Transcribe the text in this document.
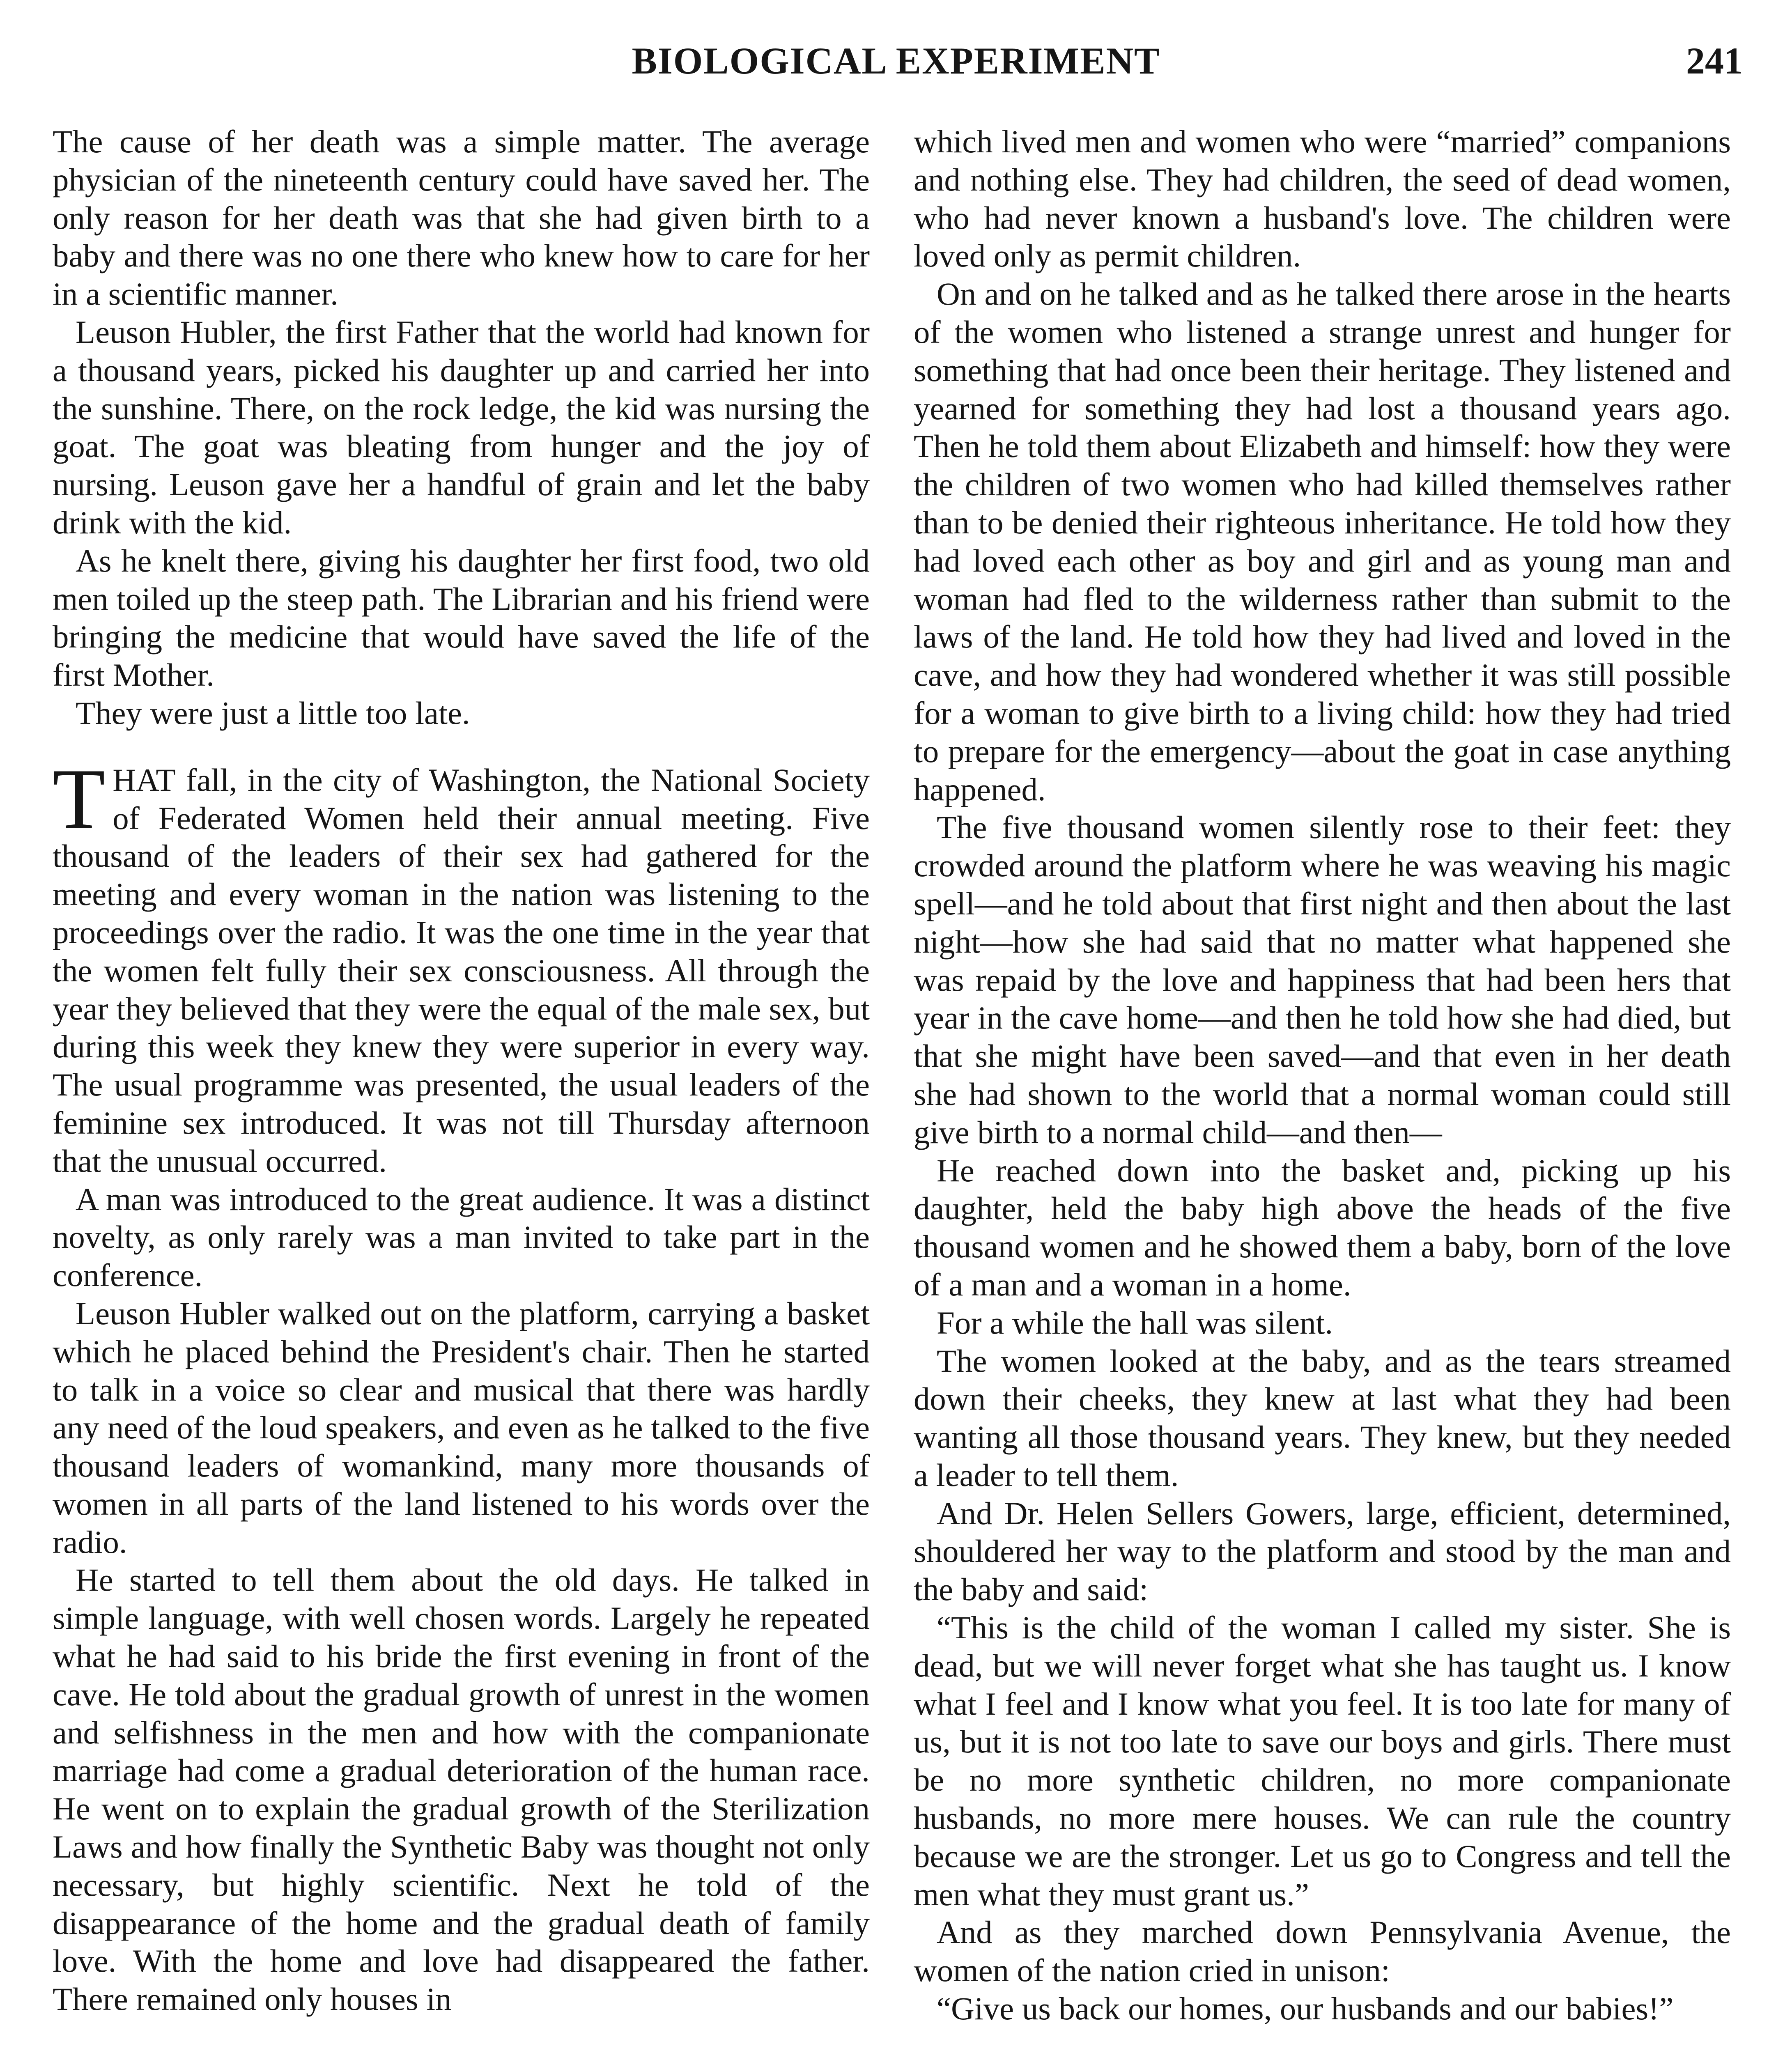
BIOLOGICAL EXPERIMENT	241

The cause of her death was a simple matter. The average physician of the nineteenth century could have saved her. The only reason for her death was that she had given birth to a baby and there was no one there who knew how to care for her in a scientific manner.

Leuson Hubler, the first Father that the world had known for a thousand years, picked his daughter up and carried her into the sunshine. There, on the rock ledge, the kid was nursing the goat. The goat was bleating from hunger and the joy of nursing. Leuson gave her a handful of grain and let the baby drink with the kid.

As he knelt there, giving his daughter her first food, two old men toiled up the steep path. The Librarian and his friend were bringing the medicine that would have saved the life of the first Mother.

They were just a little too late.

THAT fall, in the city of Washington, the National Society of Federated Women held their annual meeting. Five thousand of the leaders of their sex had gathered for the meeting and every woman in the nation was listening to the proceedings over the radio. It was the one time in the year that the women felt fully their sex consciousness. All through the year they believed that they were the equal of the male sex, but during this week they knew they were superior in every way. The usual programme was presented, the usual leaders of the feminine sex introduced. It was not till Thursday afternoon that the unusual occurred.

A man was introduced to the great audience. It was a distinct novelty, as only rarely was a man invited to take part in the conference.

Leuson Hubler walked out on the platform, carrying a basket which he placed behind the President's chair. Then he started to talk in a voice so clear and musical that there was hardly any need of the loud speakers, and even as he talked to the five thousand leaders of womankind, many more thousands of women in all parts of the land listened to his words over the radio.

He started to tell them about the old days. He talked in simple language, with well chosen words. Largely he repeated what he had said to his bride the first evening in front of the cave. He told about the gradual growth of unrest in the women and selfishness in the men and how with the companionate marriage had come a gradual deterioration of the human race. He went on to explain the gradual growth of the Sterilization Laws and how finally the Synthetic Baby was thought not only necessary, but highly scientific. Next he told of the disappearance of the home and the gradual death of family love. With the home and love had disappeared the father. There remained only houses in

which lived men and women who were “married” companions and nothing else. They had children, the seed of dead women, who had never known a husband's love. The children were loved only as permit children.

On and on he talked and as he talked there arose in the hearts of the women who listened a strange unrest and hunger for something that had once been their heritage. They listened and yearned for something they had lost a thousand years ago. Then he told them about Elizabeth and himself: how they were the children of two women who had killed themselves rather than to be denied their righteous inheritance. He told how they had loved each other as boy and girl and as young man and woman had fled to the wilderness rather than submit to the laws of the land. He told how they had lived and loved in the cave, and how they had wondered whether it was still possible for a woman to give birth to a living child: how they had tried to prepare for the emergency—about the goat in case anything happened.

The five thousand women silently rose to their feet: they crowded around the platform where he was weaving his magic spell—and he told about that first night and then about the last night—how she had said that no matter what happened she was repaid by the love and happiness that had been hers that year in the cave home—and then he told how she had died, but that she might have been saved—and that even in her death she had shown to the world that a normal woman could still give birth to a normal child—and then—

He reached down into the basket and, picking up his daughter, held the baby high above the heads of the five thousand women and he showed them a baby, born of the love of a man and a woman in a home.

For a while the hall was silent.

The women looked at the baby, and as the tears streamed down their cheeks, they knew at last what they had been wanting all those thousand years. They knew, but they needed a leader to tell them.

And Dr. Helen Sellers Gowers, large, efficient, determined, shouldered her way to the platform and stood by the man and the baby and said:

“This is the child of the woman I called my sister. She is dead, but we will never forget what she has taught us. I know what I feel and I know what you feel. It is too late for many of us, but it is not too late to save our boys and girls. There must be no more synthetic children, no more companionate husbands, no more mere houses. We can rule the country because we are the stronger. Let us go to Congress and tell the men what they must grant us.”

And as they marched down Pennsylvania Avenue, the women of the nation cried in unison:

“Give us back our homes, our husbands and our babies!”
